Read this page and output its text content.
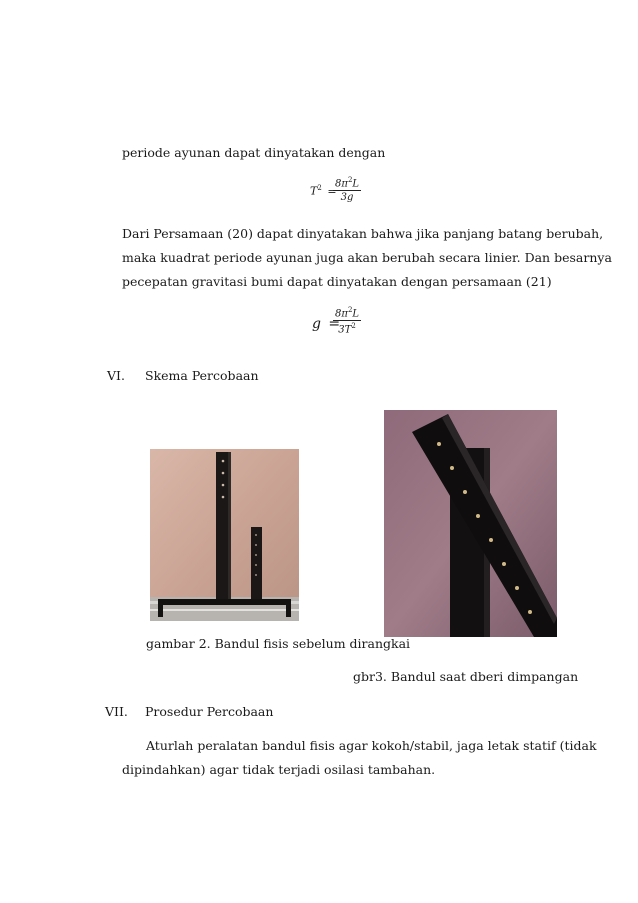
periode ayunan dapat dinyatakan dengan
$T^2$ =
$\frac{8\pi^2L}{3g}$
Dari Persamaan (20) dapat dinyatakan bahwa jika panjang batang berubah,
maka kuadrat periode ayunan juga akan berubah secara linier. Dan besarnya
pecepatan gravitasi bumi dapat dinyatakan dengan persamaan (21)
g =
$\frac{8\pi^2L}{3T^2}$
VI. Skema Percobaan
gambar 2. Bandul fisis sebelum dirangkai
gbr3. Bandul saat dberi dimpangan
VII. Prosedur Percobaan
Aturlah peralatan bandul fisis agar kokoh/stabil, jaga letak statif (tidak
dipindahkan) agar tidak terjadi osilasi tambahan.
